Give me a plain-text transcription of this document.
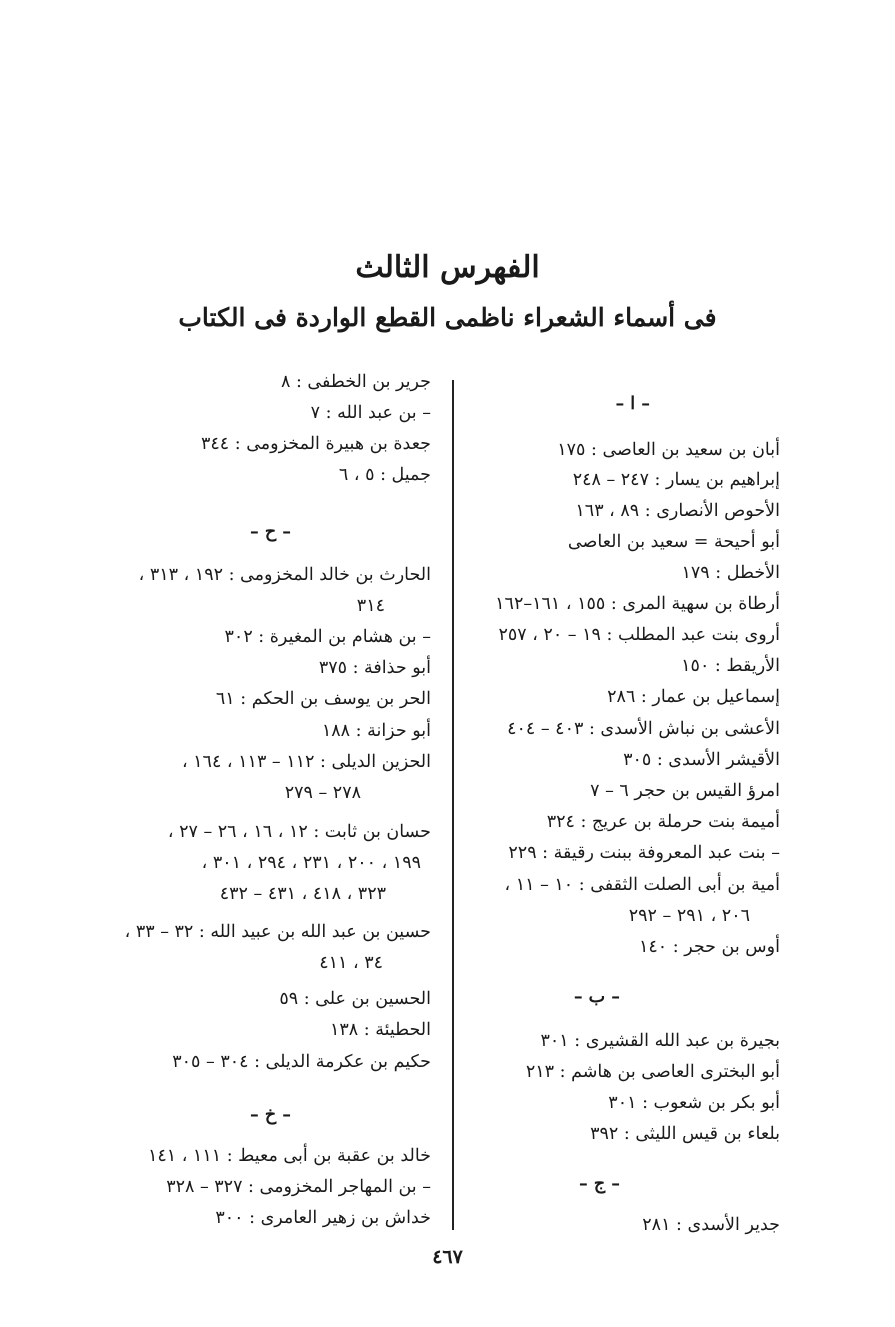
الفهرس الثالث
فى أسماء الشعراء ناظمى القطع الواردة فى الكتاب
– ا –
أبان بن سعيد بن العاصى : ١٧٥
إبراهيم بن يسار : ٢٤٧ – ٢٤٨
الأحوص الأنصارى : ٨٩ ، ١٦٣
أبو أحيحة = سعيد بن العاصى
الأخطل : ١٧٩
أرطاة بن سهية المرى : ١٥٥ ، ١٦١–١٦٢
أروى بنت عبد المطلب : ١٩ – ٢٠ ، ٢٥٧
الأريقط : ١٥٠
إسماعيل بن عمار : ٢٨٦
الأعشى بن نباش الأسدى : ٤٠٣ – ٤٠٤
الأقيشر الأسدى : ٣٠٥
امرؤ القيس بن حجر ٦ – ٧
أميمة بنت حرملة بن عريج : ٣٢٤
– بنت عبد المعروفة ببنت رقيقة : ٢٢٩
أمية بن أبى الصلت الثقفى : ١٠ – ١١ ،
٢٠٦ ، ٢٩١ – ٢٩٢
أوس بن حجر : ١٤٠
– ب –
بجيرة بن عبد الله القشيرى : ٣٠١
أبو البخترى العاصى بن هاشم : ٢١٣
أبو بكر بن شعوب : ٣٠١
بلعاء بن قيس الليثى : ٣٩٢
– ج –
جدير الأسدى : ٢٨١
جرير بن الخطفى : ٨
– بن عبد الله : ٧
جعدة بن هبيرة المخزومى : ٣٤٤
جميل : ٥ ، ٦
– ح –
الحارث بن خالد المخزومى : ١٩٢ ، ٣١٣ ،
٣١٤
– بن هشام بن المغيرة : ٣٠٢
أبو حذافة : ٣٧٥
الحر بن يوسف بن الحكم : ٦١
أبو حزانة : ١٨٨
الحزين الديلى : ١١٢ – ١١٣ ، ١٦٤ ،
٢٧٨ – ٢٧٩
حسان بن ثابت : ١٢ ، ١٦ ، ٢٦ – ٢٧ ،
١٩٩ ، ٢٠٠ ، ٢٣١ ، ٢٩٤ ، ٣٠١ ،
٣٢٣ ، ٤١٨ ، ٤٣١ – ٤٣٢
حسين بن عبد الله بن عبيد الله : ٣٢ – ٣٣ ،
٣٤ ، ٤١١
الحسين بن على : ٥٩
الحطيئة : ١٣٨
حكيم بن عكرمة الديلى : ٣٠٤ – ٣٠٥
– خ –
خالد بن عقبة بن أبى معيط : ١١١ ، ١٤١
– بن المهاجر المخزومى : ٣٢٧ – ٣٢٨
خداش بن زهير العامرى : ٣٠٠
٤٦٧
